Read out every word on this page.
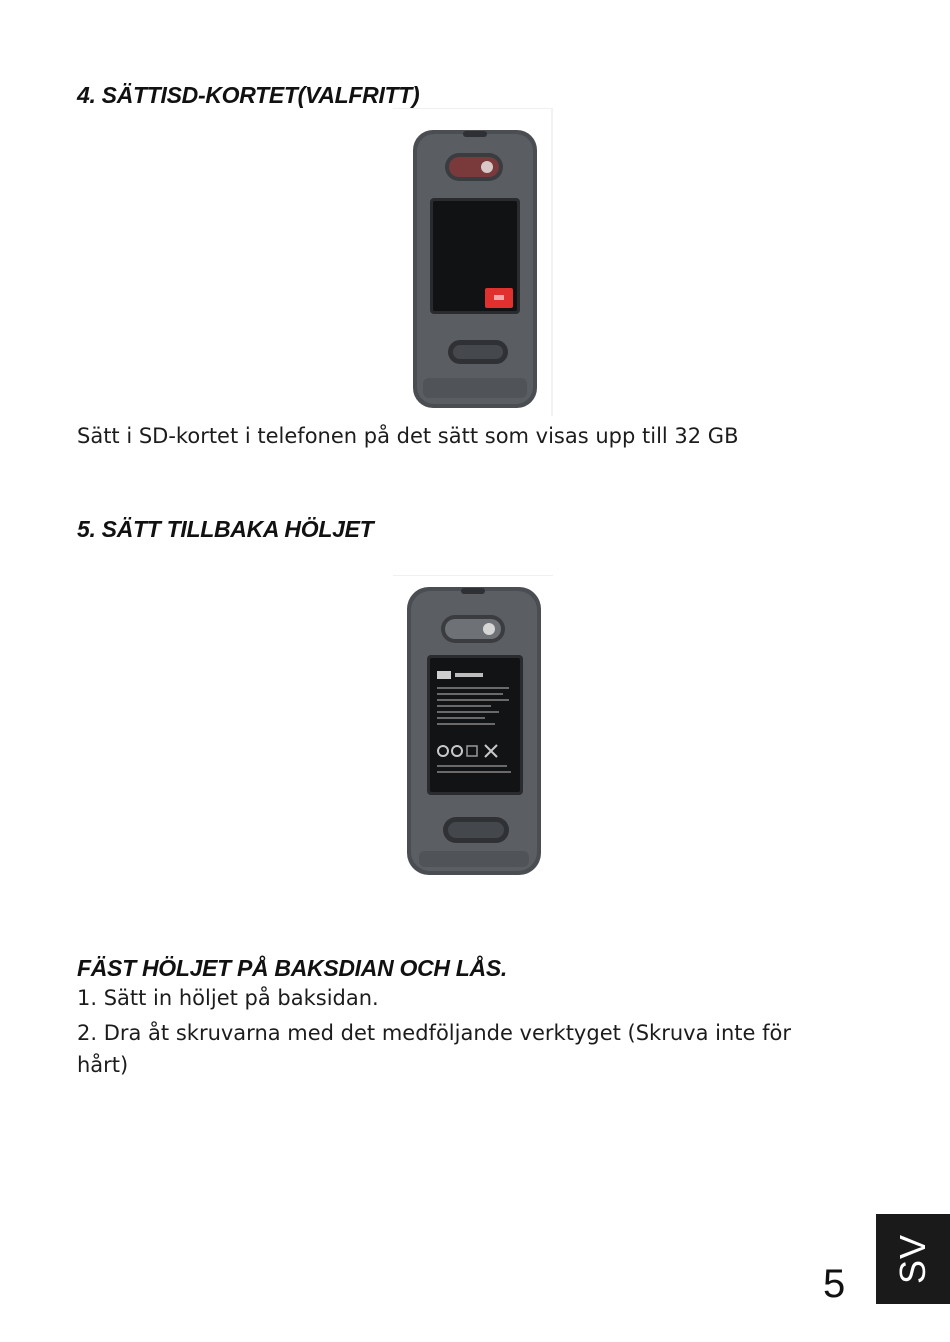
4. SÄTTISD-KORTET(VALFRITT)

Sätt i SD-kortet i telefonen på det sätt som visas upp till 32 GB

5. SÄTT TILLBAKA HÖLJET
FÄST HÖLJET PÅ BAKSDIAN OCH LÅS.

1. Sätt in höljet på baksidan.

2. Dra åt skruvarna med det medföljande verktyget (Skruva inte för

hårt)

5 SV
